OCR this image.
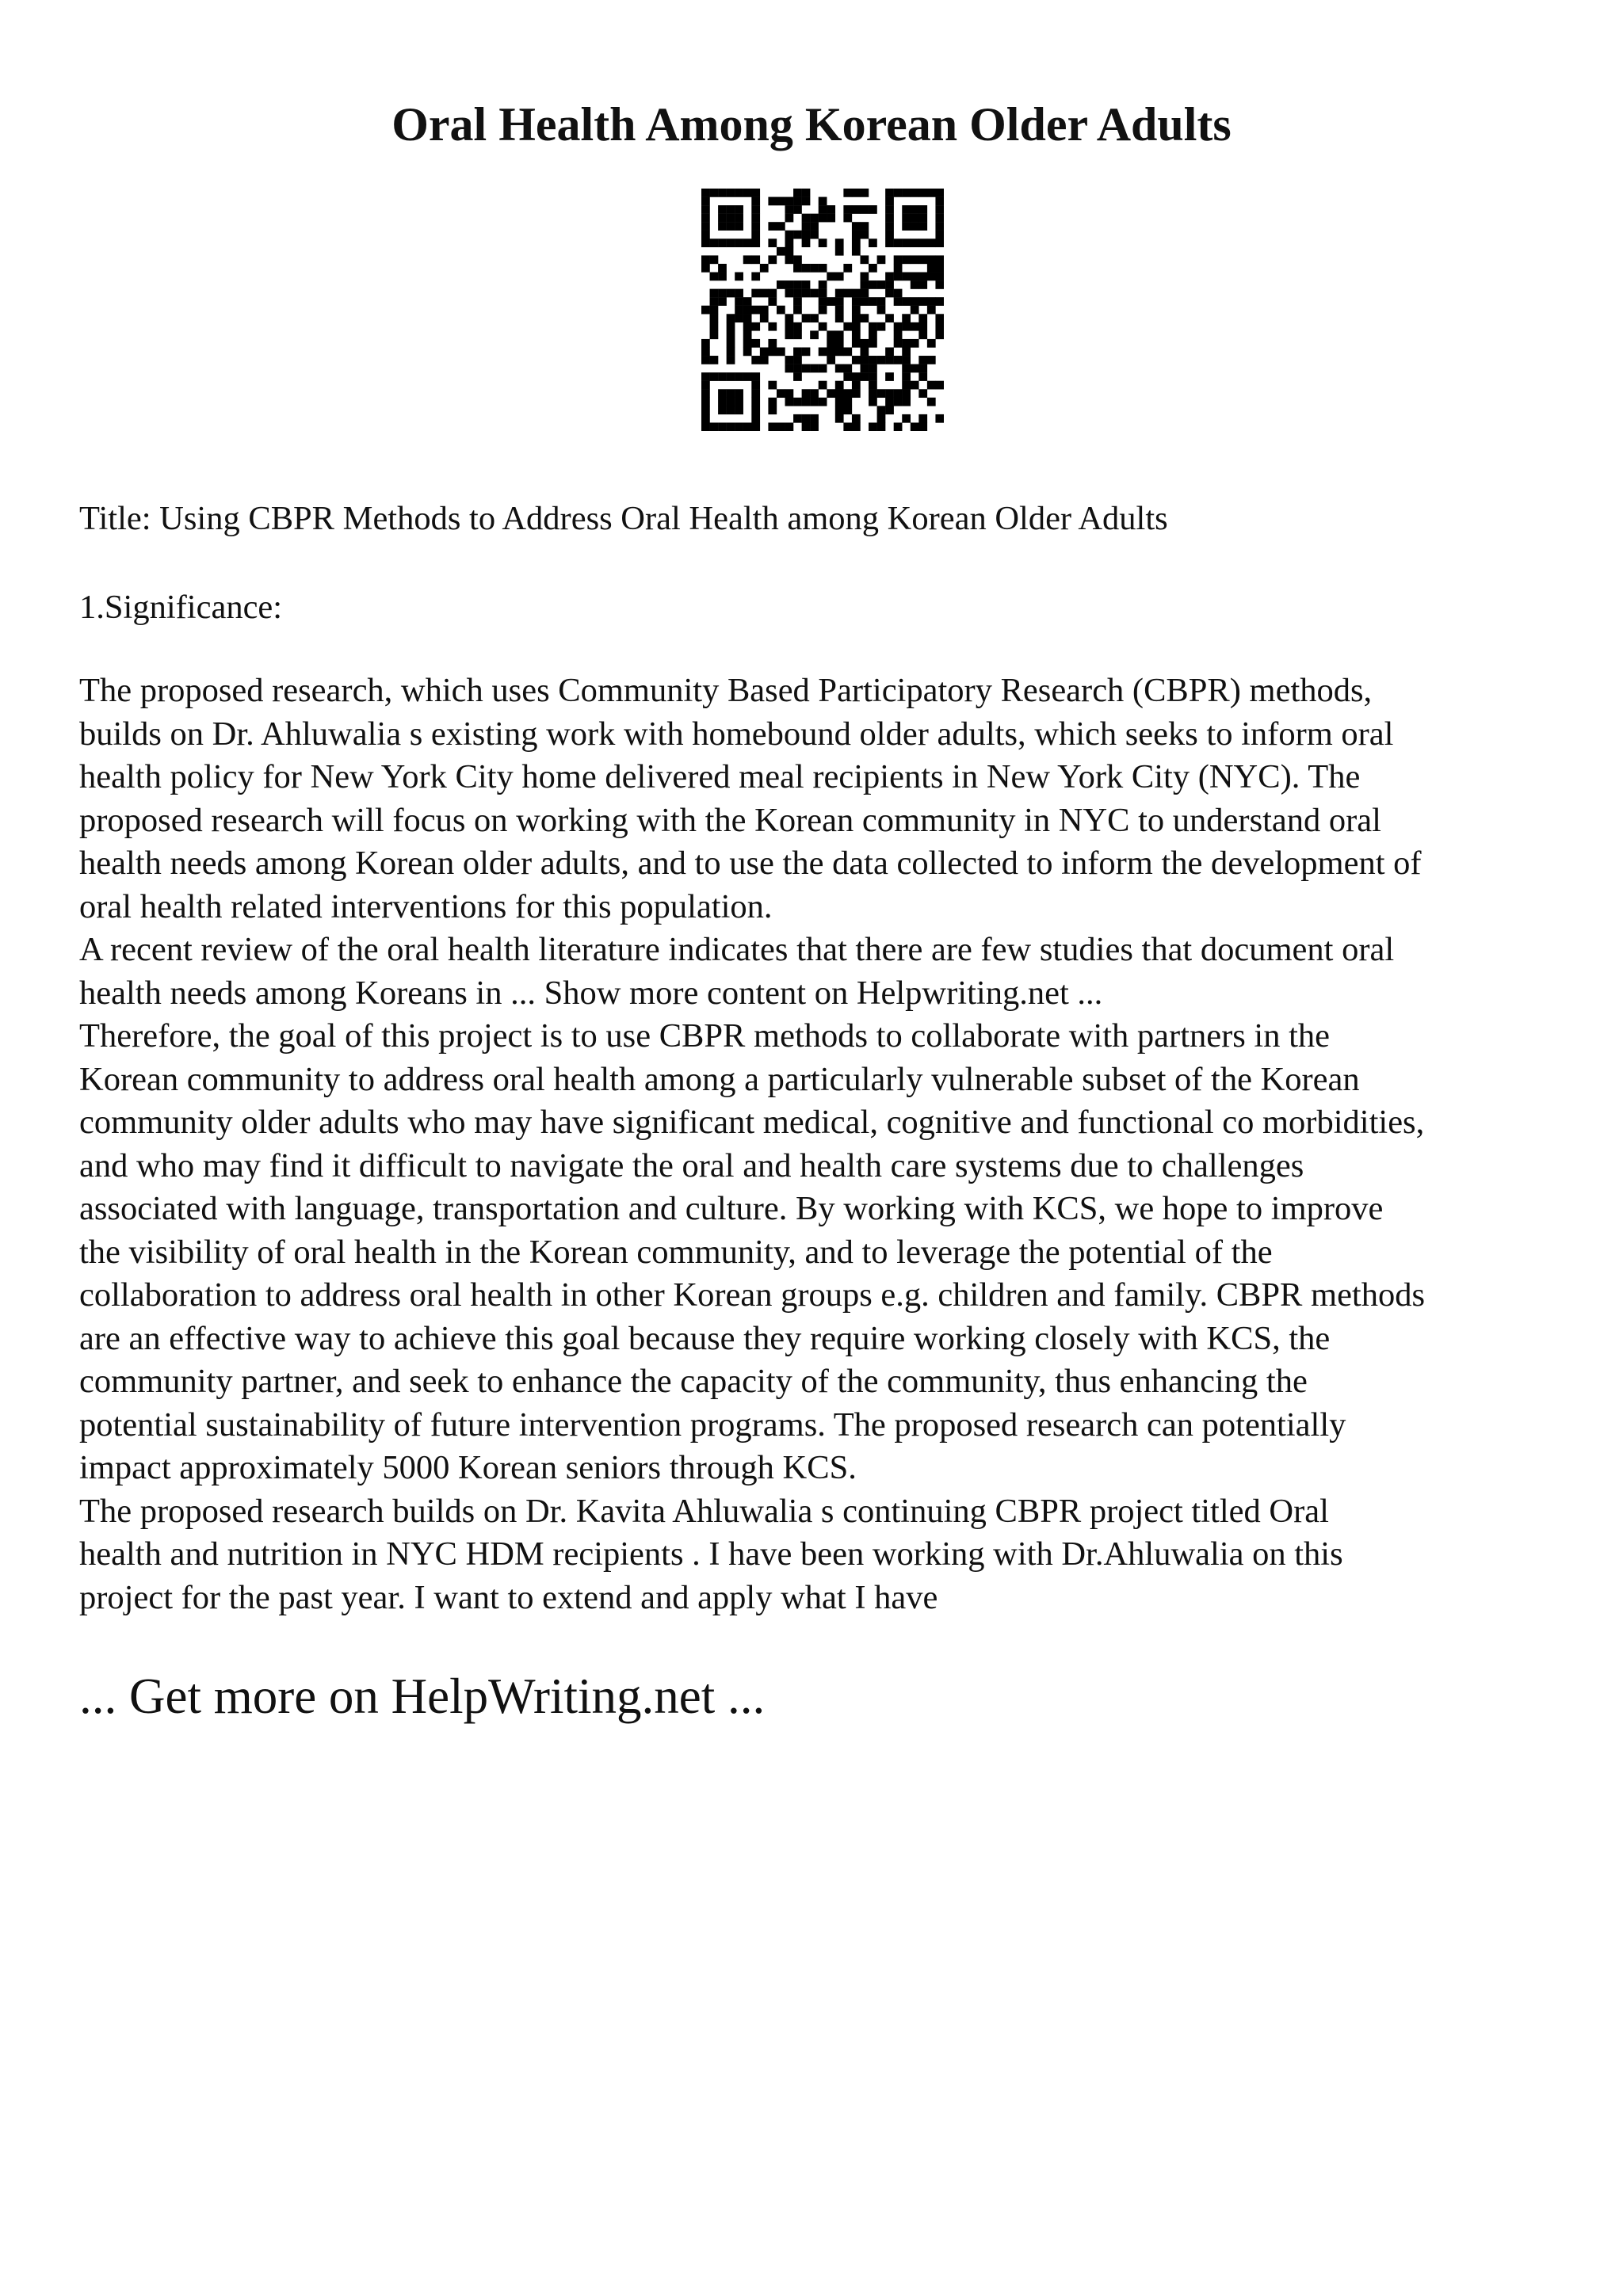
Oral Health Among Korean Older Adults
Title: Using CBPR Methods to Address Oral Health among Korean Older Adults
1.Significance:
The proposed research, which uses Community Based Participatory Research (CBPR) methods,
builds on Dr. Ahluwalia s existing work with homebound older adults, which seeks to inform oral
health policy for New York City home delivered meal recipients in New York City (NYC). The
proposed research will focus on working with the Korean community in NYC to understand oral
health needs among Korean older adults, and to use the data collected to inform the development of
oral health related interventions for this population.
A recent review of the oral health literature indicates that there are few studies that document oral
health needs among Koreans in ... Show more content on Helpwriting.net ...
Therefore, the goal of this project is to use CBPR methods to collaborate with partners in the
Korean community to address oral health among a particularly vulnerable subset of the Korean
community older adults who may have significant medical, cognitive and functional co morbidities,
and who may find it difficult to navigate the oral and health care systems due to challenges
associated with language, transportation and culture. By working with KCS, we hope to improve
the visibility of oral health in the Korean community, and to leverage the potential of the
collaboration to address oral health in other Korean groups e.g. children and family. CBPR methods
are an effective way to achieve this goal because they require working closely with KCS, the
community partner, and seek to enhance the capacity of the community, thus enhancing the
potential sustainability of future intervention programs. The proposed research can potentially
impact approximately 5000 Korean seniors through KCS.
The proposed research builds on Dr. Kavita Ahluwalia s continuing CBPR project titled Oral
health and nutrition in NYC HDM recipients . I have been working with Dr.Ahluwalia on this
project for the past year. I want to extend and apply what I have
... Get more on HelpWriting.net ...
